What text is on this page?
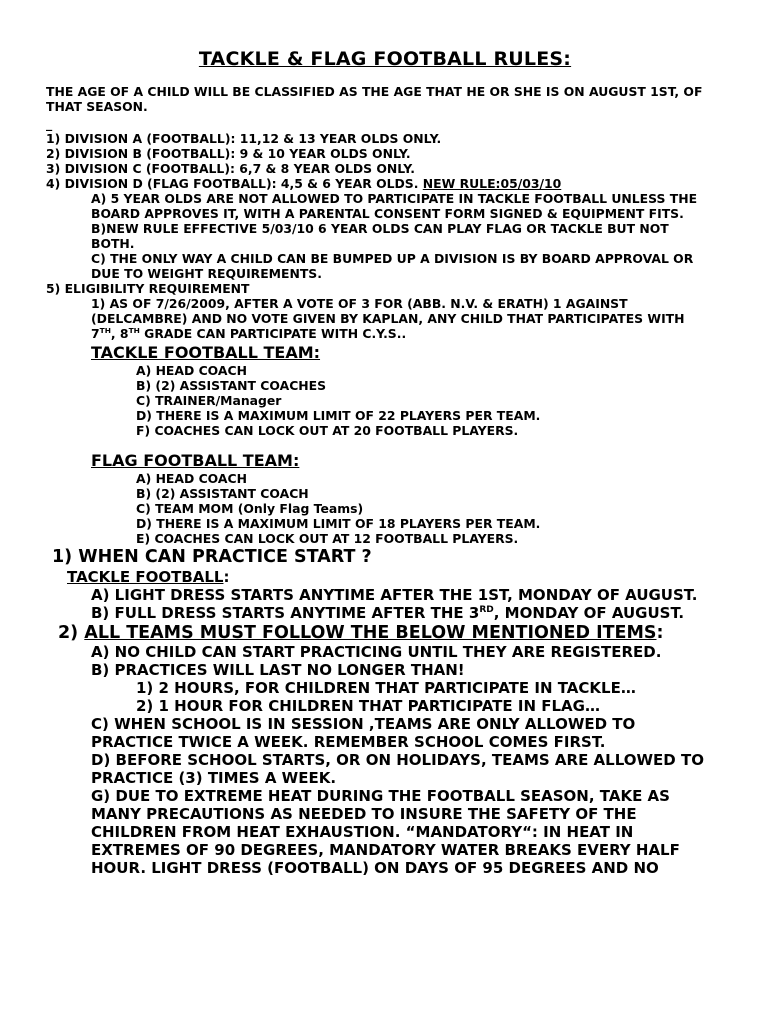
TACKLE & FLAG FOOTBALL RULES:
THE AGE OF A CHILD WILL BE CLASSIFIED AS THE AGE THAT HE OR SHE IS ON AUGUST 1ST, OF
THAT SEASON.
_
1) DIVISION A (FOOTBALL): 11,12 & 13 YEAR OLDS ONLY.
2) DIVISION B (FOOTBALL): 9 & 10 YEAR OLDS ONLY.
3) DIVISION C (FOOTBALL): 6,7 & 8 YEAR OLDS ONLY.
4) DIVISION D (FLAG FOOTBALL): 4,5 & 6 YEAR OLDS. NEW RULE:05/03/10
A) 5 YEAR OLDS ARE NOT ALLOWED TO PARTICIPATE IN TACKLE FOOTBALL UNLESS THE
BOARD APPROVES IT, WITH A PARENTAL CONSENT FORM SIGNED & EQUIPMENT FITS.
B)NEW RULE EFFECTIVE 5/03/10 6 YEAR OLDS CAN PLAY FLAG OR TACKLE BUT NOT
BOTH.
C) THE ONLY WAY A CHILD CAN BE BUMPED UP A DIVISION IS BY BOARD APPROVAL OR
DUE TO WEIGHT REQUIREMENTS.
5) ELIGIBILITY REQUIREMENT
1) AS OF 7/26/2009, AFTER A VOTE OF 3 FOR (ABB. N.V. & ERATH) 1 AGAINST
(DELCAMBRE) AND NO VOTE GIVEN BY KAPLAN, ANY CHILD THAT PARTICIPATES WITH
7TH, 8TH GRADE CAN PARTICIPATE WITH C.Y.S..
TACKLE FOOTBALL TEAM:
A) HEAD COACH
B) (2) ASSISTANT COACHES
C) TRAINER/Manager
D) THERE IS A MAXIMUM LIMIT OF 22 PLAYERS PER TEAM.
F) COACHES CAN LOCK OUT AT 20 FOOTBALL PLAYERS.
FLAG FOOTBALL TEAM:
A) HEAD COACH
B) (2) ASSISTANT COACH
C) TEAM MOM (Only Flag Teams)
D) THERE IS A MAXIMUM LIMIT OF 18 PLAYERS PER TEAM.
E) COACHES CAN LOCK OUT AT 12 FOOTBALL PLAYERS.
1) WHEN CAN PRACTICE START ?
TACKLE FOOTBALL:
A) LIGHT DRESS STARTS ANYTIME AFTER THE 1ST, MONDAY OF AUGUST.
B) FULL DRESS STARTS ANYTIME AFTER THE 3RD, MONDAY OF AUGUST.
2) ALL TEAMS MUST FOLLOW THE BELOW MENTIONED ITEMS:
A) NO CHILD CAN START PRACTICING UNTIL THEY ARE REGISTERED.
B) PRACTICES WILL LAST NO LONGER THAN!
1) 2 HOURS, FOR CHILDREN THAT PARTICIPATE IN TACKLE…
2) 1 HOUR FOR CHILDREN THAT PARTICIPATE IN FLAG…
C) WHEN SCHOOL IS IN SESSION ,TEAMS ARE ONLY ALLOWED TO
PRACTICE TWICE A WEEK. REMEMBER SCHOOL COMES FIRST.
D) BEFORE SCHOOL STARTS, OR ON HOLIDAYS, TEAMS ARE ALLOWED TO
PRACTICE (3) TIMES A WEEK.
G) DUE TO EXTREME HEAT DURING THE FOOTBALL SEASON, TAKE AS
MANY PRECAUTIONS AS NEEDED TO INSURE THE SAFETY OF THE
CHILDREN FROM HEAT EXHAUSTION. “MANDATORY“: IN HEAT IN
EXTREMES OF 90 DEGREES, MANDATORY WATER BREAKS EVERY HALF
HOUR. LIGHT DRESS (FOOTBALL) ON DAYS OF 95 DEGREES AND NO
